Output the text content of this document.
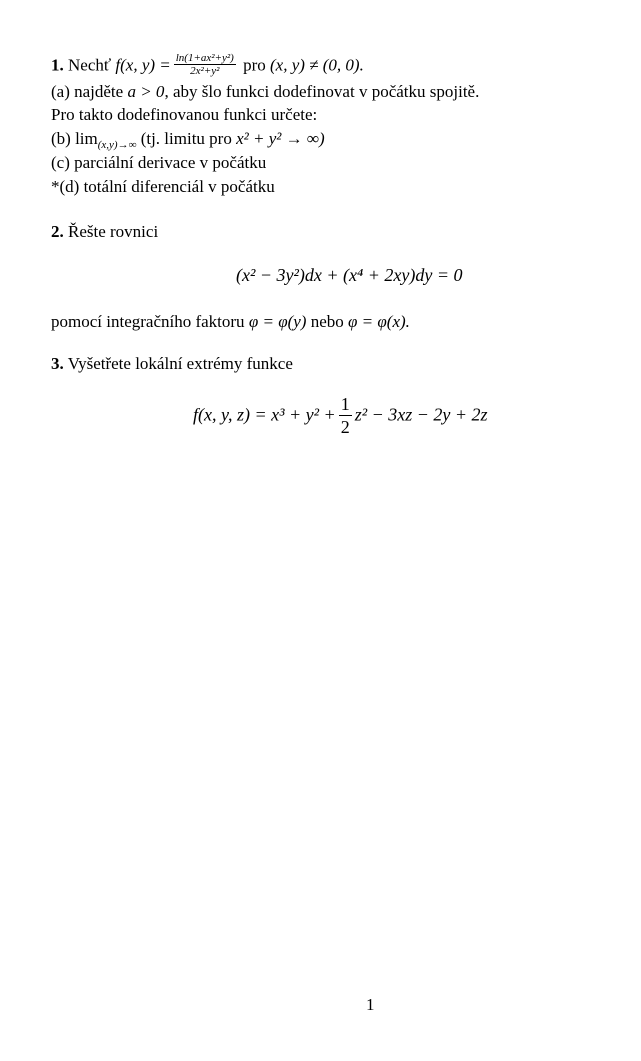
1. Nechť f(x, $y) = \frac{\text{ln(1+ax²+y²)}}{\text{2x²+y²}}$ pro (x, y) ≠ (0, 0).
(a) najděte a > 0, aby šlo funkci dodefinovat v počátku spojitě.
Pro takto dodefinovanou funkci určete:
(b) $\lim_{(x,y)\to\infty} (tj$. limitu pro x² + y² → ∞)
(c) parciální derivace v počátku
*(d) totální diferenciál v počátku
2. Řešte rovnici
(x² − 3y²)dx + (x⁴ + 2xy)dy = 0
pomocí integračního faktoru φ = φ(y) nebo φ = φ(x).
3. Vyšetřete lokální extrémy funkce
f(x, y, $z) = x^3 + y^2 + \frac{1}{2} z^2 - 3xz - 2y + 2z$
1
